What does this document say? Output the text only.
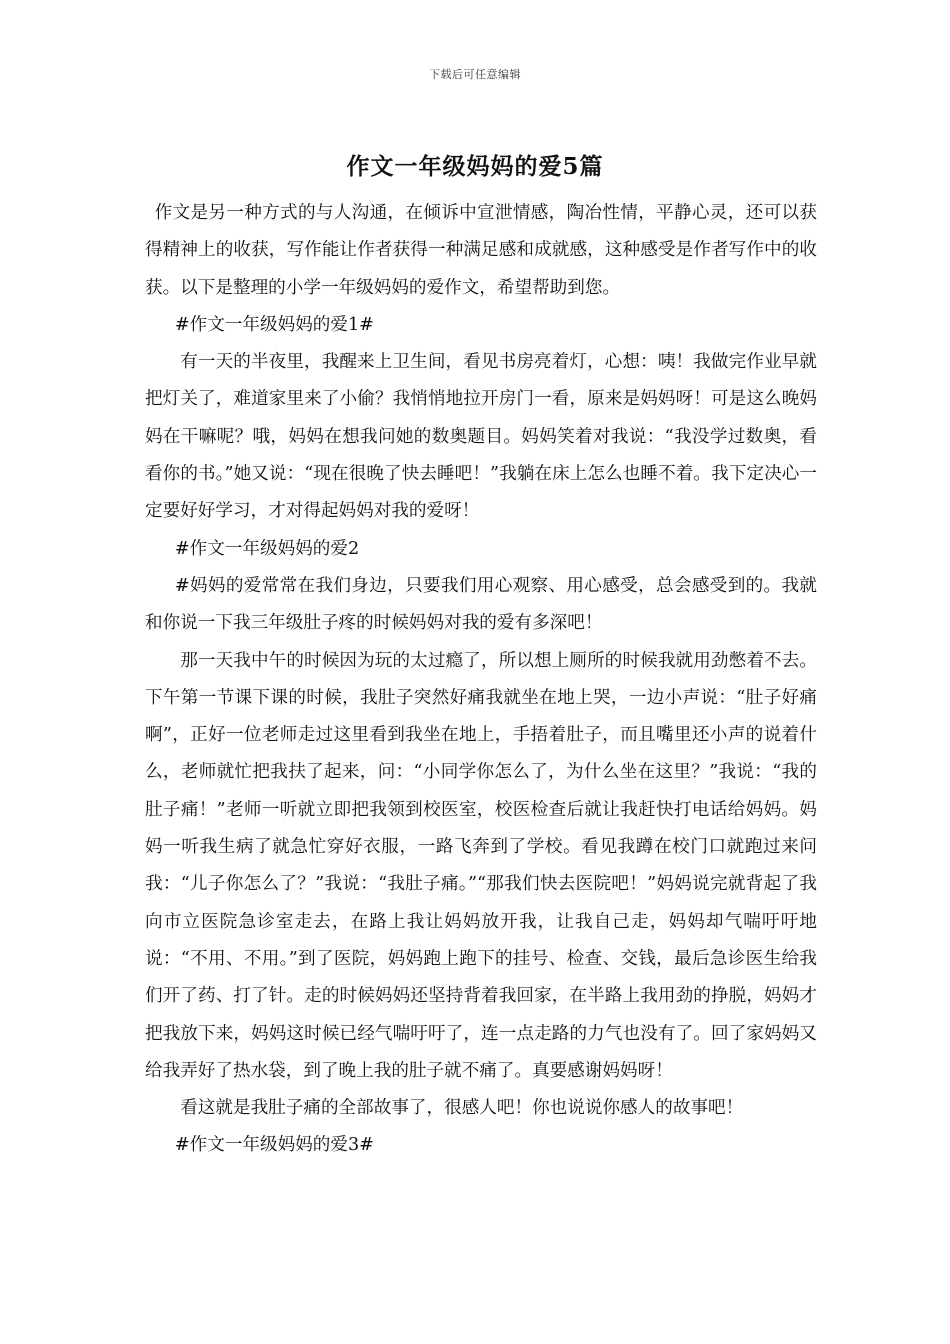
下载后可任意编辑
作文一年级妈妈的爱5篇

作文是另一种方式的与人沟通，在倾诉中宣泄情感，陶冶性情，平静心灵，还可以获得精神上的收获，写作能让作者获得一种满足感和成就感，这种感受是作者写作中的收获。以下是整理的小学一年级妈妈的爱作文，希望帮助到您。

#作文一年级妈妈的爱1#

有一天的半夜里，我醒来上卫生间，看见书房亮着灯，心想：咦！我做完作业早就把灯关了，难道家里来了小偷？我悄悄地拉开房门一看，原来是妈妈呀！可是这么晚妈妈在干嘛呢？哦，妈妈在想我问她的数奥题目。妈妈笑着对我说：“我没学过数奥，看看你的书。”她又说：“现在很晚了快去睡吧！”我躺在床上怎么也睡不着。我下定决心一定要好好学习，才对得起妈妈对我的爱呀！

#作文一年级妈妈的爱2

#妈妈的爱常常在我们身边，只要我们用心观察、用心感受，总会感受到的。我就和你说一下我三年级肚子疼的时候妈妈对我的爱有多深吧！

那一天我中午的时候因为玩的太过瘾了，所以想上厕所的时候我就用劲憋着不去。下午第一节课下课的时候，我肚子突然好痛我就坐在地上哭，一边小声说：“肚子好痛啊”，正好一位老师走过这里看到我坐在地上，手捂着肚子，而且嘴里还小声的说着什么，老师就忙把我扶了起来，问：“小同学你怎么了，为什么坐在这里？”我说：“我的肚子痛！”老师一听就立即把我领到校医室，校医检查后就让我赶快打电话给妈妈。妈妈一听我生病了就急忙穿好衣服，一路飞奔到了学校。看见我蹲在校门口就跑过来问我：“儿子你怎么了？”我说：“我肚子痛。”“那我们快去医院吧！”妈妈说完就背起了我向市立医院急诊室走去，在路上我让妈妈放开我，让我自己走，妈妈却气喘吁吁地说：“不用、不用。”到了医院，妈妈跑上跑下的挂号、检查、交钱，最后急诊医生给我们开了药、打了针。走的时候妈妈还坚持背着我回家，在半路上我用劲的挣脱，妈妈才把我放下来，妈妈这时候已经气喘吁吁了，连一点走路的力气也没有了。回了家妈妈又给我弄好了热水袋，到了晚上我的肚子就不痛了。真要感谢妈妈呀！

看这就是我肚子痛的全部故事了，很感人吧！你也说说你感人的故事吧！

#作文一年级妈妈的爱3#
